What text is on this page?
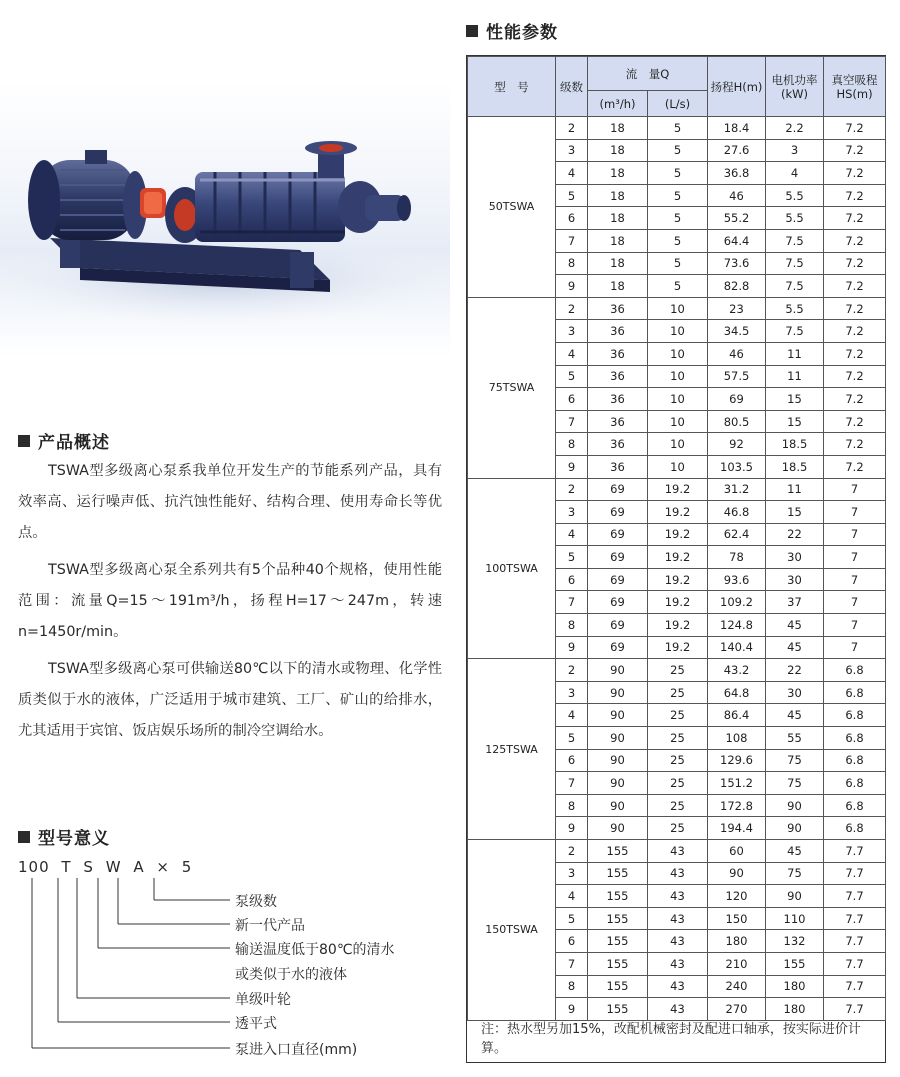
产品概述

TSWA型多级离心泵系我单位开发生产的节能系列产品，具有效率高、运行噪声低、抗汽蚀性能好、结构合理、使用寿命长等优点。

TSWA型多级离心泵全系列共有5个品种40个规格，使用性能范围：流量Q=15～191m³/h，扬程H=17～247m，转速n=1450r/min。

TSWA型多级离心泵可供输送80℃以下的清水或物理、化学性质类似于水的液体，广泛适用于城市建筑、工厂、矿山的给排水，尤其适用于宾馆、饭店娱乐场所的制冷空调给水。

型号意义
100 T S W A × 5
泵级数
新一代产品
输送温度低于80℃的清水
或类似于水的液体
单级叶轮
透平式
泵进入口直径(mm)
性能参数
型　号	级数	流　量Q		扬程H(m)	电机功率(kW)	真空吸程HS(m)
		(m³/h)	(L/s)			
50TSWA	2	18	5	18.4	2.2	7.2
	3	18	5	27.6	3	7.2
	4	18	5	36.8	4	7.2
	5	18	5	46	5.5	7.2
	6	18	5	55.2	5.5	7.2
	7	18	5	64.4	7.5	7.2
	8	18	5	73.6	7.5	7.2
	9	18	5	82.8	7.5	7.2
75TSWA	2	36	10	23	5.5	7.2
	3	36	10	34.5	7.5	7.2
	4	36	10	46	11	7.2
	5	36	10	57.5	11	7.2
	6	36	10	69	15	7.2
	7	36	10	80.5	15	7.2
	8	36	10	92	18.5	7.2
	9	36	10	103.5	18.5	7.2
100TSWA	2	69	19.2	31.2	11	7
	3	69	19.2	46.8	15	7
	4	69	19.2	62.4	22	7
	5	69	19.2	78	30	7
	6	69	19.2	93.6	30	7
	7	69	19.2	109.2	37	7
	8	69	19.2	124.8	45	7
	9	69	19.2	140.4	45	7
125TSWA	2	90	25	43.2	22	6.8
	3	90	25	64.8	30	6.8
	4	90	25	86.4	45	6.8
	5	90	25	108	55	6.8
	6	90	25	129.6	75	6.8
	7	90	25	151.2	75	6.8
	8	90	25	172.8	90	6.8
	9	90	25	194.4	90	6.8
150TSWA	2	155	43	60	45	7.7
	3	155	43	90	75	7.7
	4	155	43	120	90	7.7
	5	155	43	150	110	7.7
	6	155	43	180	132	7.7
	7	155	43	210	155	7.7
	8	155	43	240	180	7.7
	9	155	43	270	180	7.7
注：热水型另加15%，改配机械密封及配进口轴承，按实际进价计算。
